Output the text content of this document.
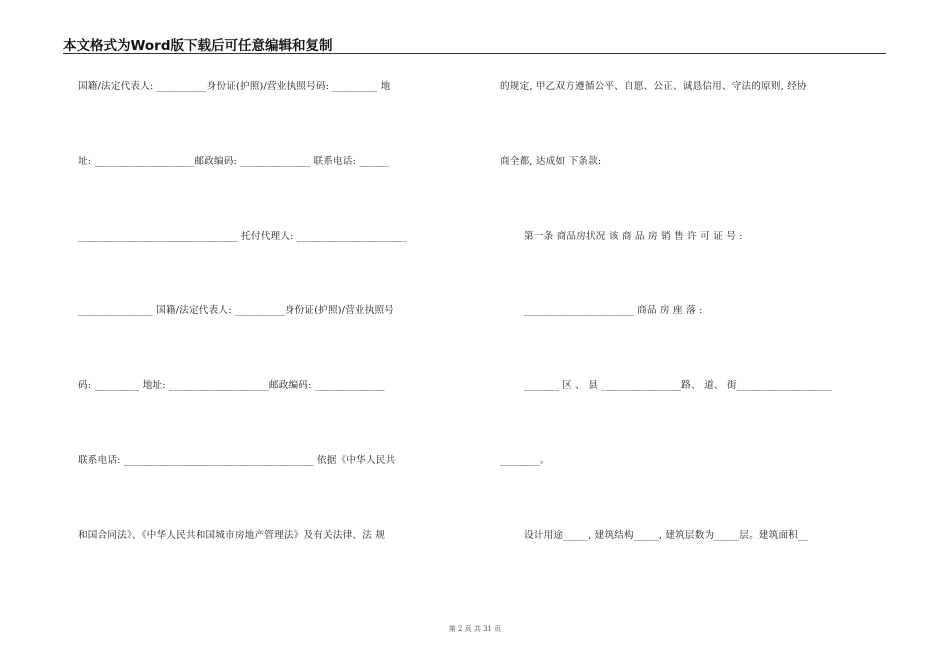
本文格式为Word版下载后可任意编辑和复制
国籍/法定代表人: __________身份证(护照)/营业执照号码: _________ 地
址: ____________________邮政编码: ______________ 联系电话: ______
________________________________ 托付代理人: ______________________
_______________ 国籍/法定代表人: __________身份证(护照)/营业执照号
码: _________ 地址: ____________________邮政编码: ______________
联系电话: ______________________________________ 依据《中华人民共
和国合同法》、《中华人民共和国城市房地产管理法》及有关法律、法 规
的规定, 甲乙双方遵循公平、自愿、公正、诚恳信用、守法的原则, 经协
商全都, 达成如 下条款:
第一条 商品房状况 该 商 品 房 销 售 许 可 证 号 :
______________________ 商品 房 座 落 :
_______ 区 、 县 ________________路、 道、 街___________________
________。
设计用途_____, 建筑结构_____, 建筑层数为_____层。建筑面积__
第 2 页 共 31 页
